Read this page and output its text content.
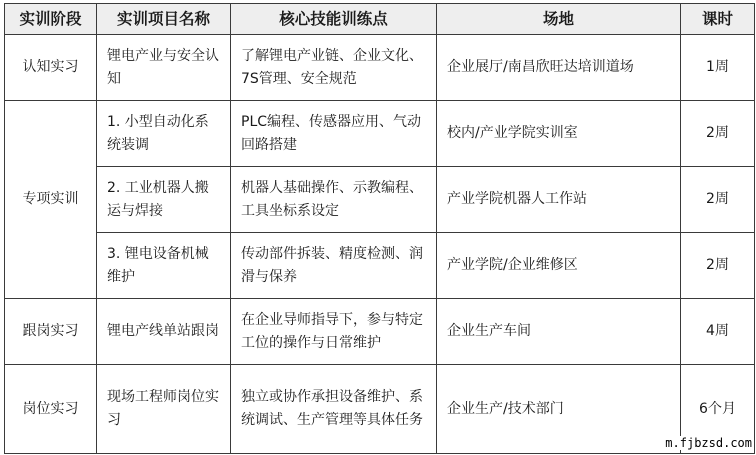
实训阶段	实训项目名称	核心技能训练点	场地	课时
认知实习	锂电产业与安全认知	了解锂电产业链、企业文化、7S管理、安全规范	企业展厅/南昌欣旺达培训道场	1周
专项实训	1. 小型自动化系统装调	PLC编程、传感器应用、气动回路搭建	校内/产业学院实训室	2周
	2. 工业机器人搬运与焊接	机器人基础操作、示教编程、工具坐标系设定	产业学院机器人工作站	2周
	3. 锂电设备机械维护	传动部件拆装、精度检测、润滑与保养	产业学院/企业维修区	2周
跟岗实习	锂电产线单站跟岗	在企业导师指导下，参与特定工位的操作与日常维护	企业生产车间	4周
岗位实习	现场工程师岗位实习	独立或协作承担设备维护、系统调试、生产管理等具体任务	企业生产/技术部门	6个月
m.fjbzsd.com
